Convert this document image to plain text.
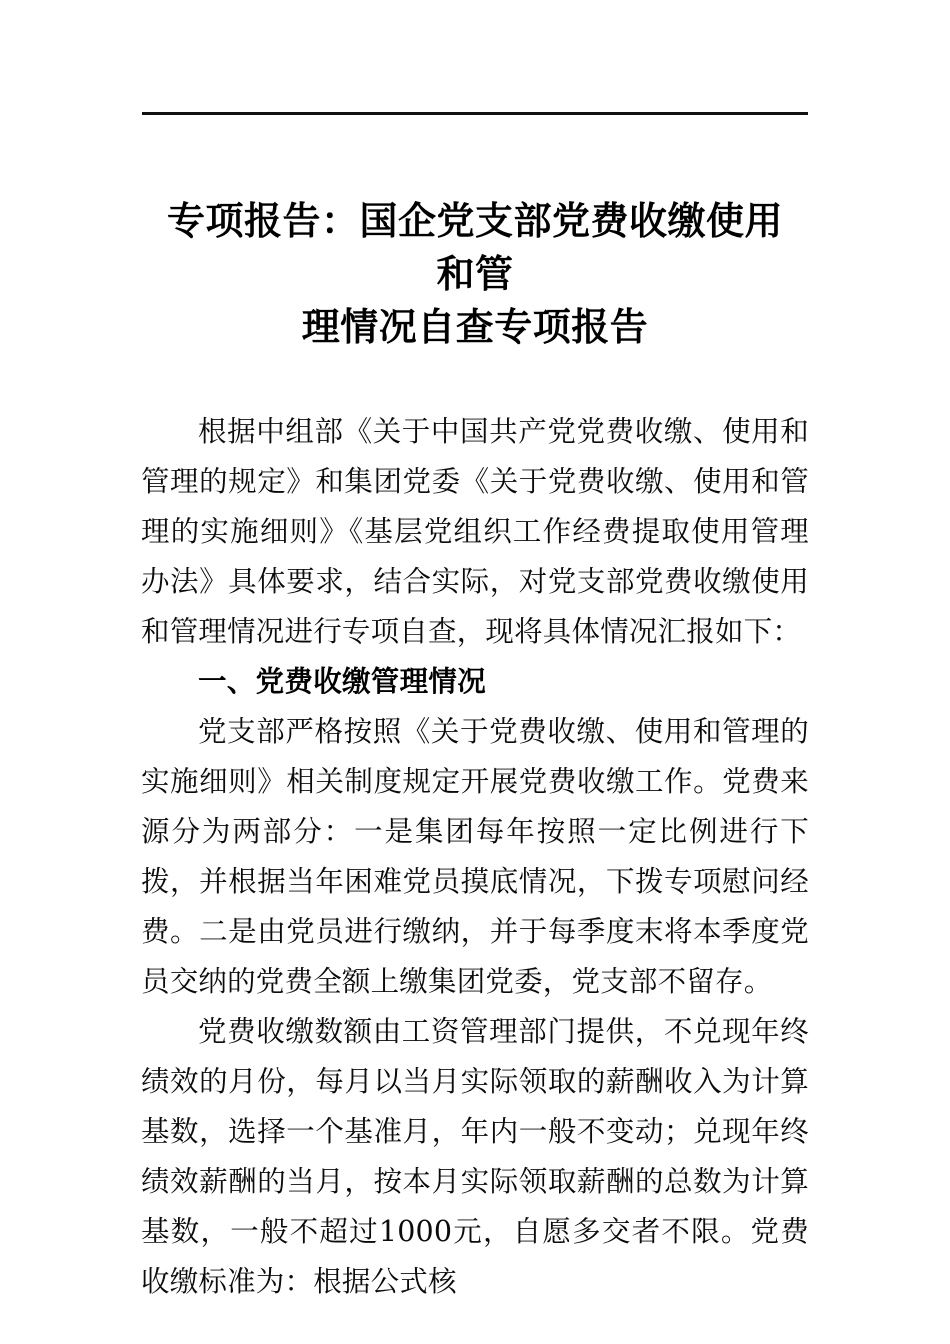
专项报告：国企党支部党费收缴使用和管
理情况自查专项报告

根据中组部《关于中国共产党党费收缴、使用和管理的规定》和集团党委《关于党费收缴、使用和管理的实施细则》《基层党组织工作经费提取使用管理办法》具体要求，结合实际，对党支部党费收缴使用和管理情况进行专项自查，现将具体情况汇报如下：

一、党费收缴管理情况

党支部严格按照《关于党费收缴、使用和管理的实施细则》相关制度规定开展党费收缴工作。党费来源分为两部分：一是集团每年按照一定比例进行下拨，并根据当年困难党员摸底情况，下拨专项慰问经费。二是由党员进行缴纳，并于每季度末将本季度党员交纳的党费全额上缴集团党委，党支部不留存。

党费收缴数额由工资管理部门提供，不兑现年终绩效的月份，每月以当月实际领取的薪酬收入为计算基数，选择一个基准月，年内一般不变动；兑现年终绩效薪酬的当月，按本月实际领取薪酬的总数为计算基数，一般不超过1000元，自愿多交者不限。党费收缴标准为：根据公式核
